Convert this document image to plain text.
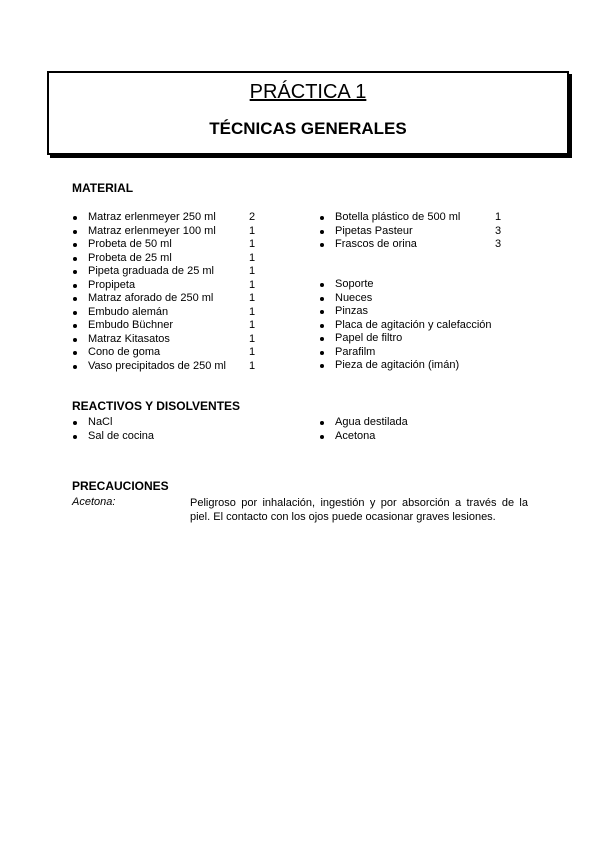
PRÁCTICA 1
TÉCNICAS GENERALES
MATERIAL
Matraz erlenmeyer 250 ml	2
Matraz erlenmeyer 100 ml	1
Probeta de 50 ml	1
Probeta de 25 ml	1
Pipeta graduada de 25 ml	1
Propipeta	1
Matraz aforado de 250 ml	1
Embudo alemán	1
Embudo Büchner	1
Matraz Kitasatos	1
Cono de goma	1
Vaso precipitados de 250 ml 1
Botella plástico de 500 ml	1
Pipetas Pasteur	3
Frascos de orina	3
Soporte
Nueces
Pinzas
Placa de agitación y calefacción
Papel de filtro
Parafilm
Pieza de agitación (imán)
REACTIVOS Y DISOLVENTES
NaCl
Sal de cocina
Agua destilada
Acetona
PRECAUCIONES
Acetona:	Peligroso por inhalación, ingestión y por absorción a través de la piel. El contacto con los ojos puede ocasionar graves lesiones.
